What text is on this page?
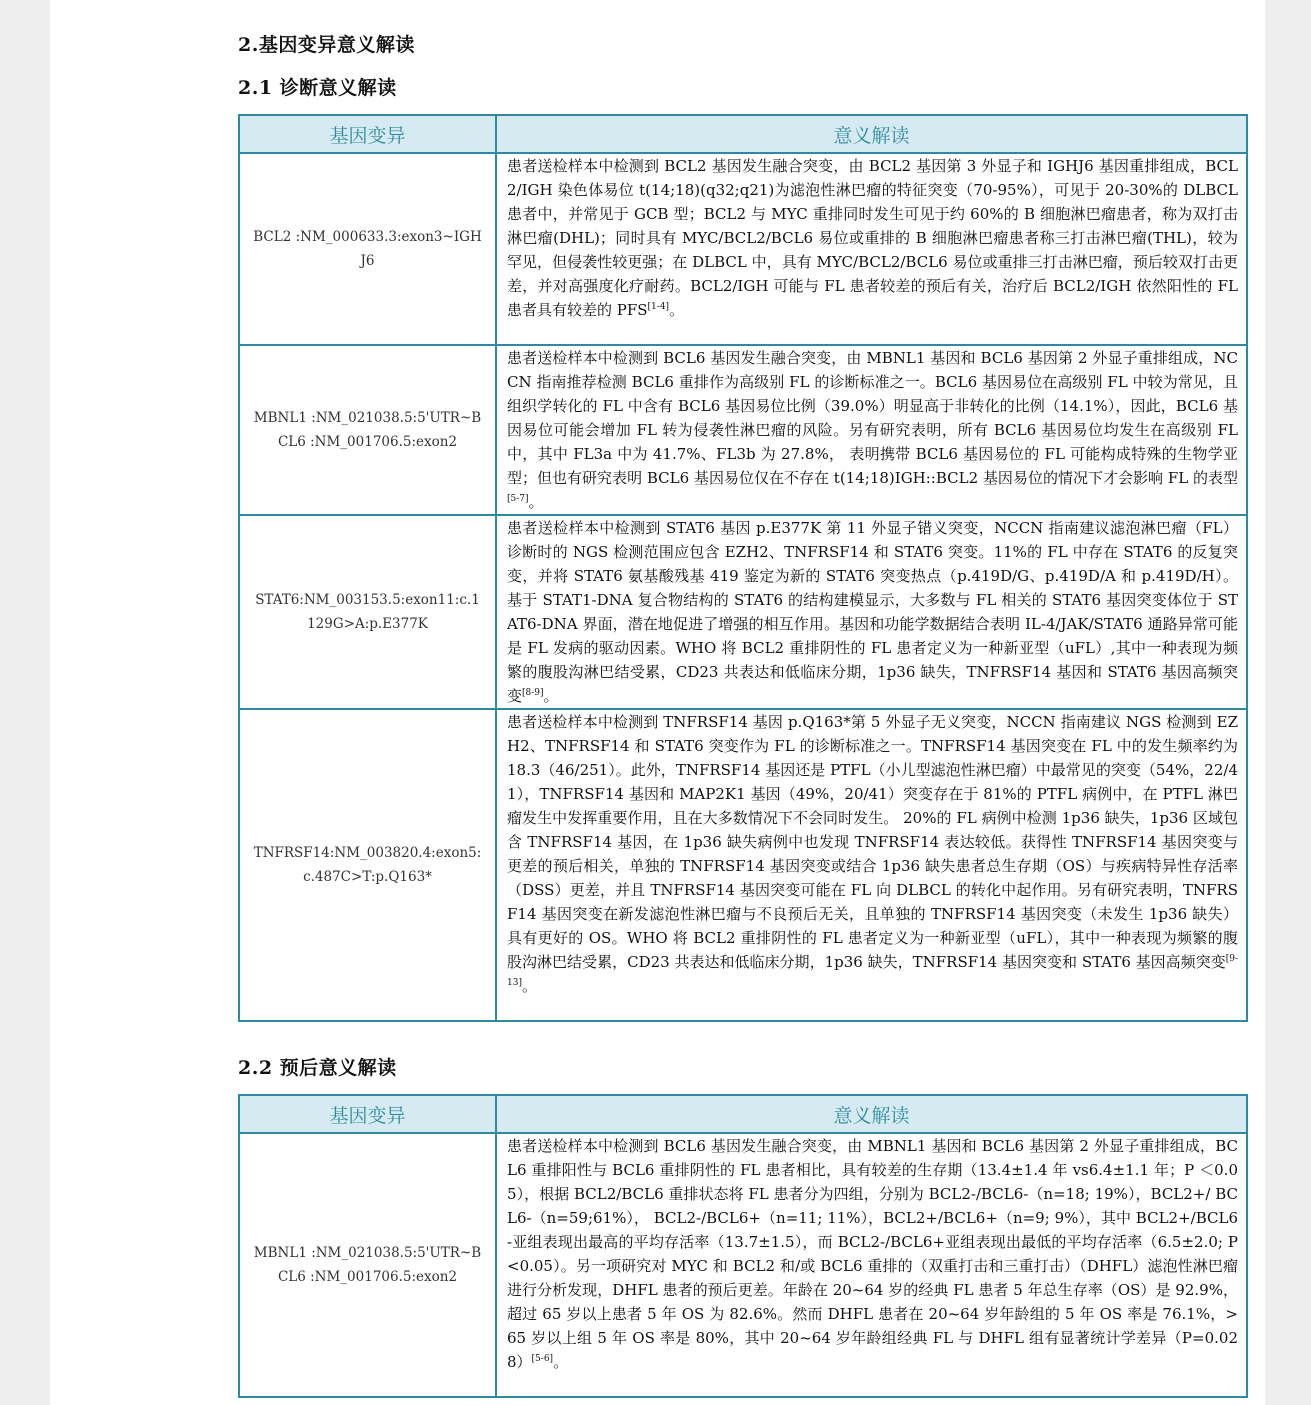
2.基因变异意义解读
2.1 诊断意义解读
基因变异	意义解读
BCL2 :NM_000633.3:exon3~IGHJ6	患者送检样本中检测到 BCL2 基因发生融合突变，由 BCL2 基因第 3 外显子和 IGHJ6 基因重排组成，BCL2/IGH 染色体易位 t(14;18)(q32;q21)为滤泡性淋巴瘤的特征突变（70-95%），可见于 20-30%的 DLBCL 患者中，并常见于 GCB 型；BCL2 与 MYC 重排同时发生可见于约 60%的 B 细胞淋巴瘤患者，称为双打击淋巴瘤(DHL)；同时具有 MYC/BCL2/BCL6 易位或重排的 B 细胞淋巴瘤患者称三打击淋巴瘤(THL)，较为罕见，但侵袭性较更强；在 DLBCL 中，具有 MYC/BCL2/BCL6 易位或重排三打击淋巴瘤，预后较双打击更差，并对高强度化疗耐药。BCL2/IGH 可能与 FL 患者较差的预后有关，治疗后 BCL2/IGH 依然阳性的 FL 患者具有较差的 PFS[1-4]。
MBNL1 :NM_021038.5:5'UTR~BCL6 :NM_001706.5:exon2	患者送检样本中检测到 BCL6 基因发生融合突变，由 MBNL1 基因和 BCL6 基因第 2 外显子重排组成，NCCN 指南推荐检测 BCL6 重排作为高级别 FL 的诊断标准之一。BCL6 基因易位在高级别 FL 中较为常见，且组织学转化的 FL 中含有 BCL6 基因易位比例（39.0%）明显高于非转化的比例（14.1%），因此，BCL6 基因易位可能会增加 FL 转为侵袭性淋巴瘤的风险。另有研究表明，所有 BCL6 基因易位均发生在高级别 FL 中，其中 FL3a 中为 41.7%、FL3b 为 27.8%， 表明携带 BCL6 基因易位的 FL 可能构成特殊的生物学亚型；但也有研究表明 BCL6 基因易位仅在不存在 t(14;18)IGH::BCL2 基因易位的情况下才会影响 FL 的表型[5-7]。
STAT6:NM_003153.5:exon11:c.1129G>A:p.E377K	患者送检样本中检测到 STAT6 基因 p.E377K 第 11 外显子错义突变，NCCN 指南建议滤泡淋巴瘤（FL）诊断时的 NGS 检测范围应包含 EZH2、TNFRSF14 和 STAT6 突变。11%的 FL 中存在 STAT6 的反复突变，并将 STAT6 氨基酸残基 419 鉴定为新的 STAT6 突变热点（p.419D/G、p.419D/A 和 p.419D/H）。基于 STAT1-DNA 复合物结构的 STAT6 的结构建模显示，大多数与 FL 相关的 STAT6 基因突变体位于 STAT6-DNA 界面，潜在地促进了增强的相互作用。基因和功能学数据结合表明 IL-4/JAK/STAT6 通路异常可能是 FL 发病的驱动因素。WHO 将 BCL2 重排阴性的 FL 患者定义为一种新亚型（uFL）,其中一种表现为频繁的腹股沟淋巴结受累，CD23 共表达和低临床分期，1p36 缺失，TNFRSF14 基因和 STAT6 基因高频突变[8-9]。
TNFRSF14:NM_003820.4:exon5:c.487C>T:p.Q163*	患者送检样本中检测到 TNFRSF14 基因 p.Q163*第 5 外显子无义突变，NCCN 指南建议 NGS 检测到 EZH2、TNFRSF14 和 STAT6 突变作为 FL 的诊断标准之一。TNFRSF14 基因突变在 FL 中的发生频率约为 18.3（46/251）。此外，TNFRSF14 基因还是 PTFL（小儿型滤泡性淋巴瘤）中最常见的突变（54%，22/41），TNFRSF14 基因和 MAP2K1 基因（49%，20/41）突变存在于 81%的 PTFL 病例中，在 PTFL 淋巴瘤发生中发挥重要作用，且在大多数情况下不会同时发生。 20%的 FL 病例中检测 1p36 缺失，1p36 区域包含 TNFRSF14 基因，在 1p36 缺失病例中也发现 TNFRSF14 表达较低。获得性 TNFRSF14 基因突变与更差的预后相关，单独的 TNFRSF14 基因突变或结合 1p36 缺失患者总生存期（OS）与疾病特异性存活率（DSS）更差，并且 TNFRSF14 基因突变可能在 FL 向 DLBCL 的转化中起作用。另有研究表明，TNFRSF14 基因突变在新发滤泡性淋巴瘤与不良预后无关，且单独的 TNFRSF14 基因突变（未发生 1p36 缺失）具有更好的 OS。WHO 将 BCL2 重排阴性的 FL 患者定义为一种新亚型（uFL），其中一种表现为频繁的腹股沟淋巴结受累，CD23 共表达和低临床分期，1p36 缺失，TNFRSF14 基因突变和 STAT6 基因高频突变[9-13]。
2.2 预后意义解读
基因变异	意义解读
MBNL1 :NM_021038.5:5'UTR~BCL6 :NM_001706.5:exon2	患者送检样本中检测到 BCL6 基因发生融合突变，由 MBNL1 基因和 BCL6 基因第 2 外显子重排组成，BCL6 重排阳性与 BCL6 重排阴性的 FL 患者相比，具有较差的生存期（13.4±1.4 年 vs6.4±1.1 年；P ＜0.05），根据 BCL2/BCL6 重排状态将 FL 患者分为四组，分别为 BCL2-/BCL6-（n=18; 19%），BCL2+/ BCL6-（n=59;61%）， BCL2-/BCL6+（n=11; 11%），BCL2+/BCL6+（n=9; 9%），其中 BCL2+/BCL6-亚组表现出最高的平均存活率（13.7±1.5），而 BCL2-/BCL6+亚组表现出最低的平均存活率（6.5±2.0; P<0.05）。另一项研究对 MYC 和 BCL2 和/或 BCL6 重排的（双重打击和三重打击）（DHFL）滤泡性淋巴瘤进行分析发现，DHFL 患者的预后更差。年龄在 20~64 岁的经典 FL 患者 5 年总生存率（OS）是 92.9%，超过 65 岁以上患者 5 年 OS 为 82.6%。然而 DHFL 患者在 20~64 岁年龄组的 5 年 OS 率是 76.1%，>65 岁以上组 5 年 OS 率是 80%，其中 20~64 岁年龄组经典 FL 与 DHFL 组有显著统计学差异（P=0.028）[5-6]。
